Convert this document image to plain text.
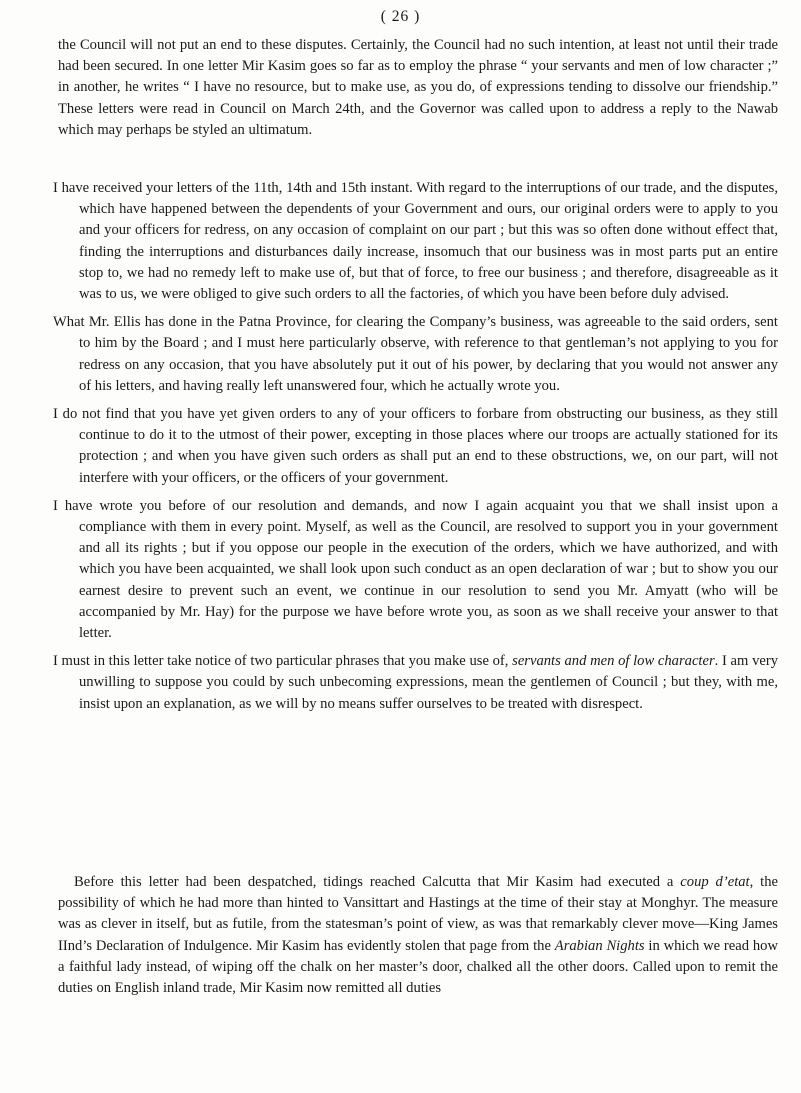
( 26 )

the Council will not put an end to these disputes. Certainly, the Council had no such intention, at least not until their trade had been secured. In one letter Mir Kasim goes so far as to employ the phrase “ your servants and men of low character ;” in another, he writes “ I have no resource, but to make use, as you do, of expressions tending to dissolve our friendship.” These letters were read in Council on March 24th, and the Governor was called upon to address a reply to the Nawab which may perhaps be styled an ultimatum.

I have received your letters of the 11th, 14th and 15th instant. With regard to the interruptions of our trade, and the disputes, which have happened between the dependents of your Government and ours, our original orders were to apply to you and your officers for redress, on any occasion of complaint on our part ; but this was so often done without effect that, finding the interruptions and disturbances daily increase, insomuch that our business was in most parts put an entire stop to, we had no remedy left to make use of, but that of force, to free our business ; and therefore, disagreeable as it was to us, we were obliged to give such orders to all the factories, of which you have been before duly advised.

What Mr. Ellis has done in the Patna Province, for clearing the Company’s business, was agreeable to the said orders, sent to him by the Board ; and I must here particularly observe, with reference to that gentleman’s not applying to you for redress on any occasion, that you have absolutely put it out of his power, by declaring that you would not answer any of his letters, and having really left unanswered four, which he actually wrote you.

I do not find that you have yet given orders to any of your officers to forbare from obstructing our business, as they still continue to do it to the utmost of their power, excepting in those places where our troops are actually stationed for its protection ; and when you have given such orders as shall put an end to these obstructions, we, on our part, will not interfere with your officers, or the officers of your government.

I have wrote you before of our resolution and demands, and now I again acquaint you that we shall insist upon a compliance with them in every point. Myself, as well as the Council, are resolved to support you in your government and all its rights ; but if you oppose our people in the execution of the orders, which we have authorized, and with which you have been acquainted, we shall look upon such conduct as an open declaration of war ; but to show you our earnest desire to prevent such an event, we continue in our resolution to send you Mr. Amyatt (who will be accompanied by Mr. Hay) for the purpose we have before wrote you, as soon as we shall receive your answer to that letter.

I must in this letter take notice of two particular phrases that you make use of, servants and men of low character. I am very unwilling to suppose you could by such unbecoming expressions, mean the gentlemen of Council ; but they, with me, insist upon an explanation, as we will by no means suffer ourselves to be treated with disrespect.

Before this letter had been despatched, tidings reached Calcutta that Mir Kasim had executed a coup d’etat, the possibility of which he had more than hinted to Vansittart and Hastings at the time of their stay at Monghyr. The measure was as clever in itself, but as futile, from the statesman’s point of view, as was that remarkably clever move—King James IInd’s Declaration of Indulgence. Mir Kasim has evidently stolen that page from the Arabian Nights in which we read how a faithful lady instead, of wiping off the chalk on her master’s door, chalked all the other doors. Called upon to remit the duties on English inland trade, Mir Kasim now remitted all duties
